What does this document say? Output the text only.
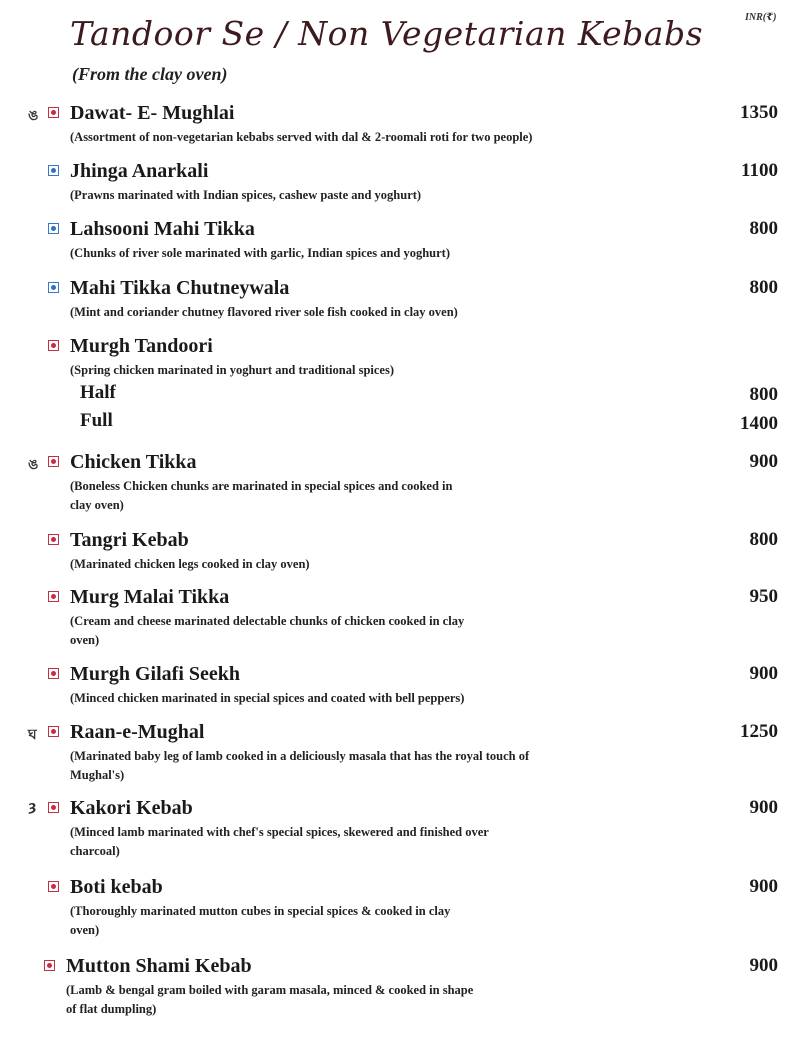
Tandoor Se / Non Vegetarian Kebabs	INR(₹)
(From the clay oven)
ঙ Dawat- E- Mughlai	1350
(Assortment of non-vegetarian kebabs served with dal & 2-roomali roti for two people)
Jhinga Anarkali	1100
(Prawns marinated with Indian spices, cashew paste and yoghurt)
Lahsooni Mahi Tikka	800
(Chunks of river sole marinated with garlic, Indian spices and yoghurt)
Mahi Tikka Chutneywala	800
(Mint and coriander chutney flavored river sole fish cooked in clay oven)
Murgh Tandoori
(Spring chicken marinated in yoghurt and traditional spices)
Half	800
Full	1400
ঙ Chicken Tikka	900
(Boneless Chicken chunks are marinated in special spices and cooked in clay oven)
Tangri Kebab	800
(Marinated chicken legs cooked in clay oven)
Murg Malai Tikka	950
(Cream and cheese marinated delectable chunks of chicken cooked in clay oven)
Murgh Gilafi Seekh	900
(Minced chicken marinated in special spices and coated with bell peppers)
ঘ Raan-e-Mughal	1250
(Marinated baby leg of lamb cooked in a deliciously masala that has the royal touch of Mughal's)
ȝ Kakori Kebab	900
(Minced lamb marinated with chef's special spices, skewered and finished over charcoal)
Boti kebab	900
(Thoroughly marinated mutton cubes in special spices & cooked in clay oven)
Mutton Shami Kebab	900
(Lamb & bengal gram boiled with garam masala, minced & cooked in shape of flat dumpling)
